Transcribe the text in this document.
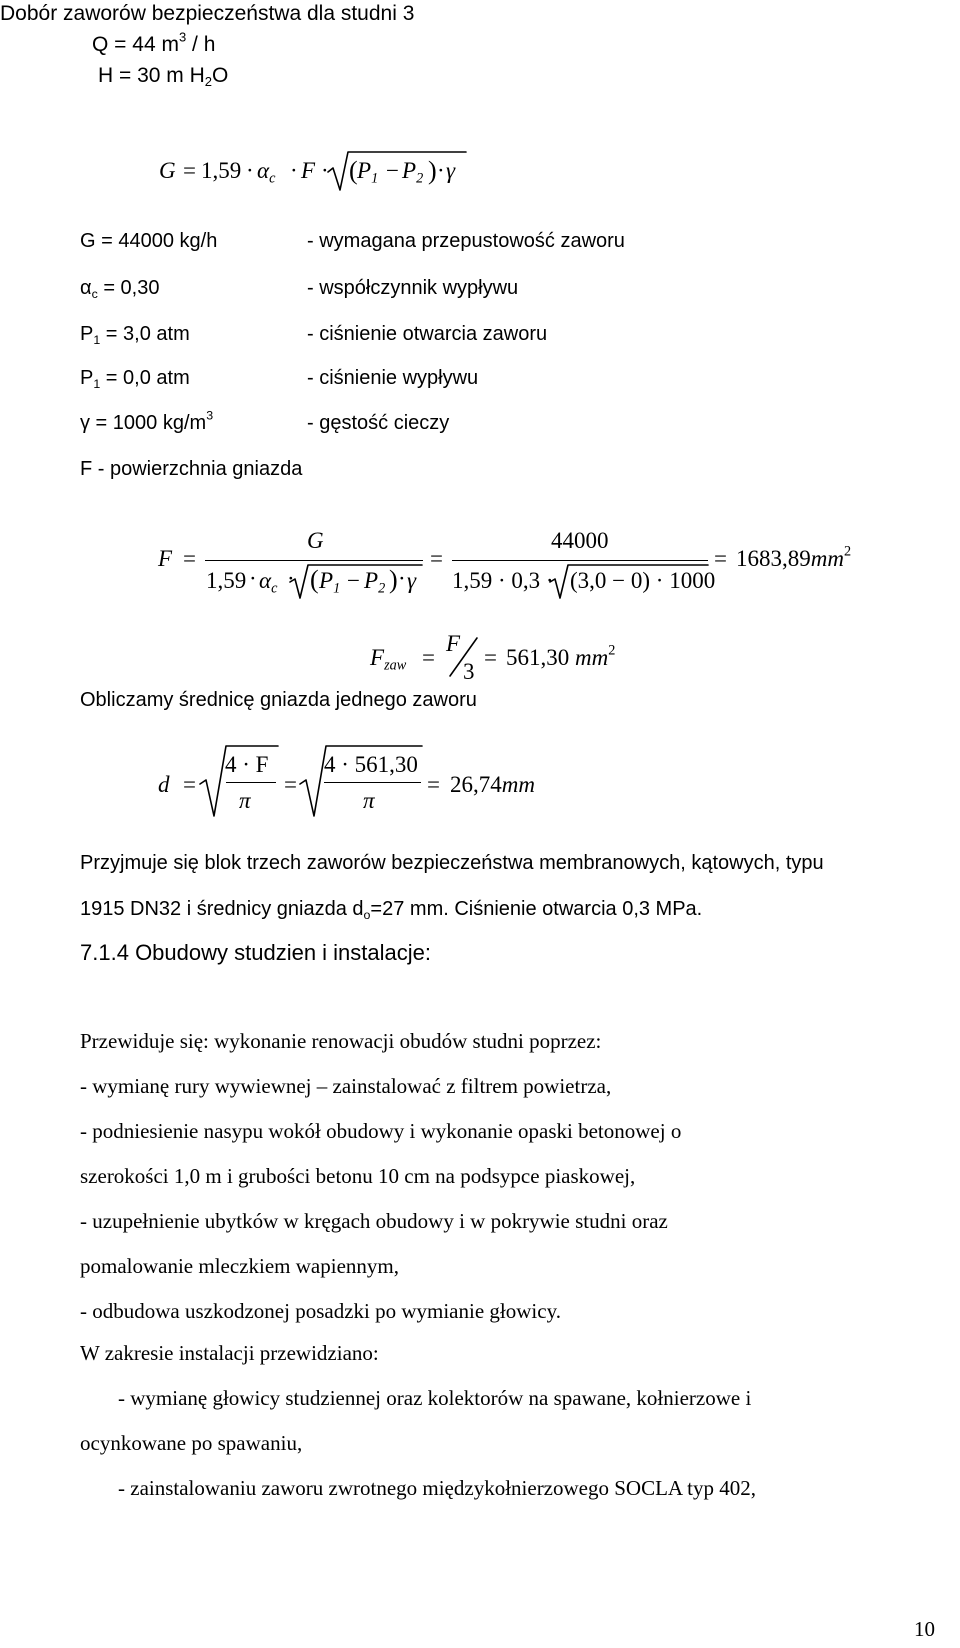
Dobór zaworów bezpieczeństwa dla studni 3
Q = 44 $m^3$ / h
H = 30 m $H_2O$
$G = 1,59 \cdot \alpha_c \cdot F$ · ( $P_1 - P_2$ ) · γ
G = 44000 kg/h	- wymagana przepustowość zaworu
$\alpha_c = 0,30$	- współczynnik wypływu
$P_1 = 3,0$ atm	- ciśnienie otwarcia zaworu
$P_1 = 0,0$ atm	- ciśnienie wypływu
γ = 1000 $kg/m^3$	- gęstość cieczy
F - powierzchnia gniazda
F =
G
$1,59 \cdot \alpha_c$ · ( $P_1 - P_2$ ) · γ
=
44000
1,59 · 0,3 · (3,0 − 0) · 1000
= $1683,89mm^2$
$F_{zaw}$ =
F
3
= 561,30 $mm^2$
Obliczamy średnicę gniazda jednego zaworu
d =
4 · F
π
=
4 · 561,30
π
= 26,74mm
Przyjmuje się blok trzech zaworów bezpieczeństwa membranowych, kątowych, typu
1915 DN32 i średnicy gniazda $d_o=27$ mm. Ciśnienie otwarcia 0,3 MPa.
7.1.4 Obudowy studzien i instalacje:
Przewiduje się: wykonanie renowacji obudów studni poprzez:
- wymianę rury wywiewnej – zainstalować z filtrem powietrza,
- podniesienie nasypu wokół obudowy i wykonanie opaski betonowej o
szerokości 1,0 m i grubości betonu 10 cm na podsypce piaskowej,
- uzupełnienie ubytków w kręgach obudowy i w pokrywie studni oraz
pomalowanie mleczkiem wapiennym,
- odbudowa uszkodzonej posadzki po wymianie głowicy.
W zakresie instalacji przewidziano:
- wymianę głowicy studziennej oraz kolektorów na spawane, kołnierzowe i
ocynkowane po spawaniu,
- zainstalowaniu zaworu zwrotnego międzykołnierzowego SOCLA typ 402,
10
